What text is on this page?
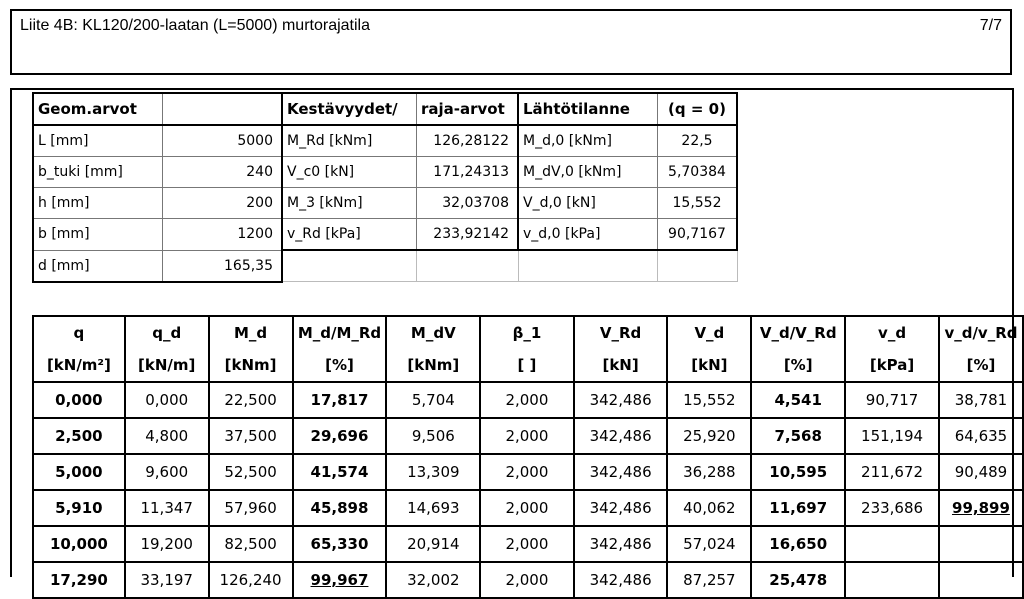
Liite 4B: KL120/200-laatan (L=5000) murtorajatila	7/7
Geom.arvot		Kestävyydet/	raja-arvot	Lähtötilanne	(q = 0)
L [mm]	5000	M_Rd [kNm]	126,28122	M_d,0 [kNm]	22,5
b_tuki [mm]	240	V_c0 [kN]	171,24313	M_dV,0 [kNm]	5,70384
h [mm]	200	M_3 [kNm]	32,03708	V_d,0 [kN]	15,552
b [mm]	1200	v_Rd [kPa]	233,92142	v_d,0 [kPa]	90,7167
d [mm]	165,35				
q	q_d	M_d	M_d/M_Rd	M_dV	β_1	V_Rd	V_d	V_d/V_Rd	v_d	v_d/v_Rd
[kN/m²]	[kN/m]	[kNm]	[%]	[kNm]	[ ]	[kN]	[kN]	[%]	[kPa]	[%]
0,000	0,000	22,500	17,817	5,704	2,000	342,486	15,552	4,541	90,717	38,781
2,500	4,800	37,500	29,696	9,506	2,000	342,486	25,920	7,568	151,194	64,635
5,000	9,600	52,500	41,574	13,309	2,000	342,486	36,288	10,595	211,672	90,489
5,910	11,347	57,960	45,898	14,693	2,000	342,486	40,062	11,697	233,686	99,899
10,000	19,200	82,500	65,330	20,914	2,000	342,486	57,024	16,650		
17,290	33,197	126,240	99,967	32,002	2,000	342,486	87,257	25,478		
